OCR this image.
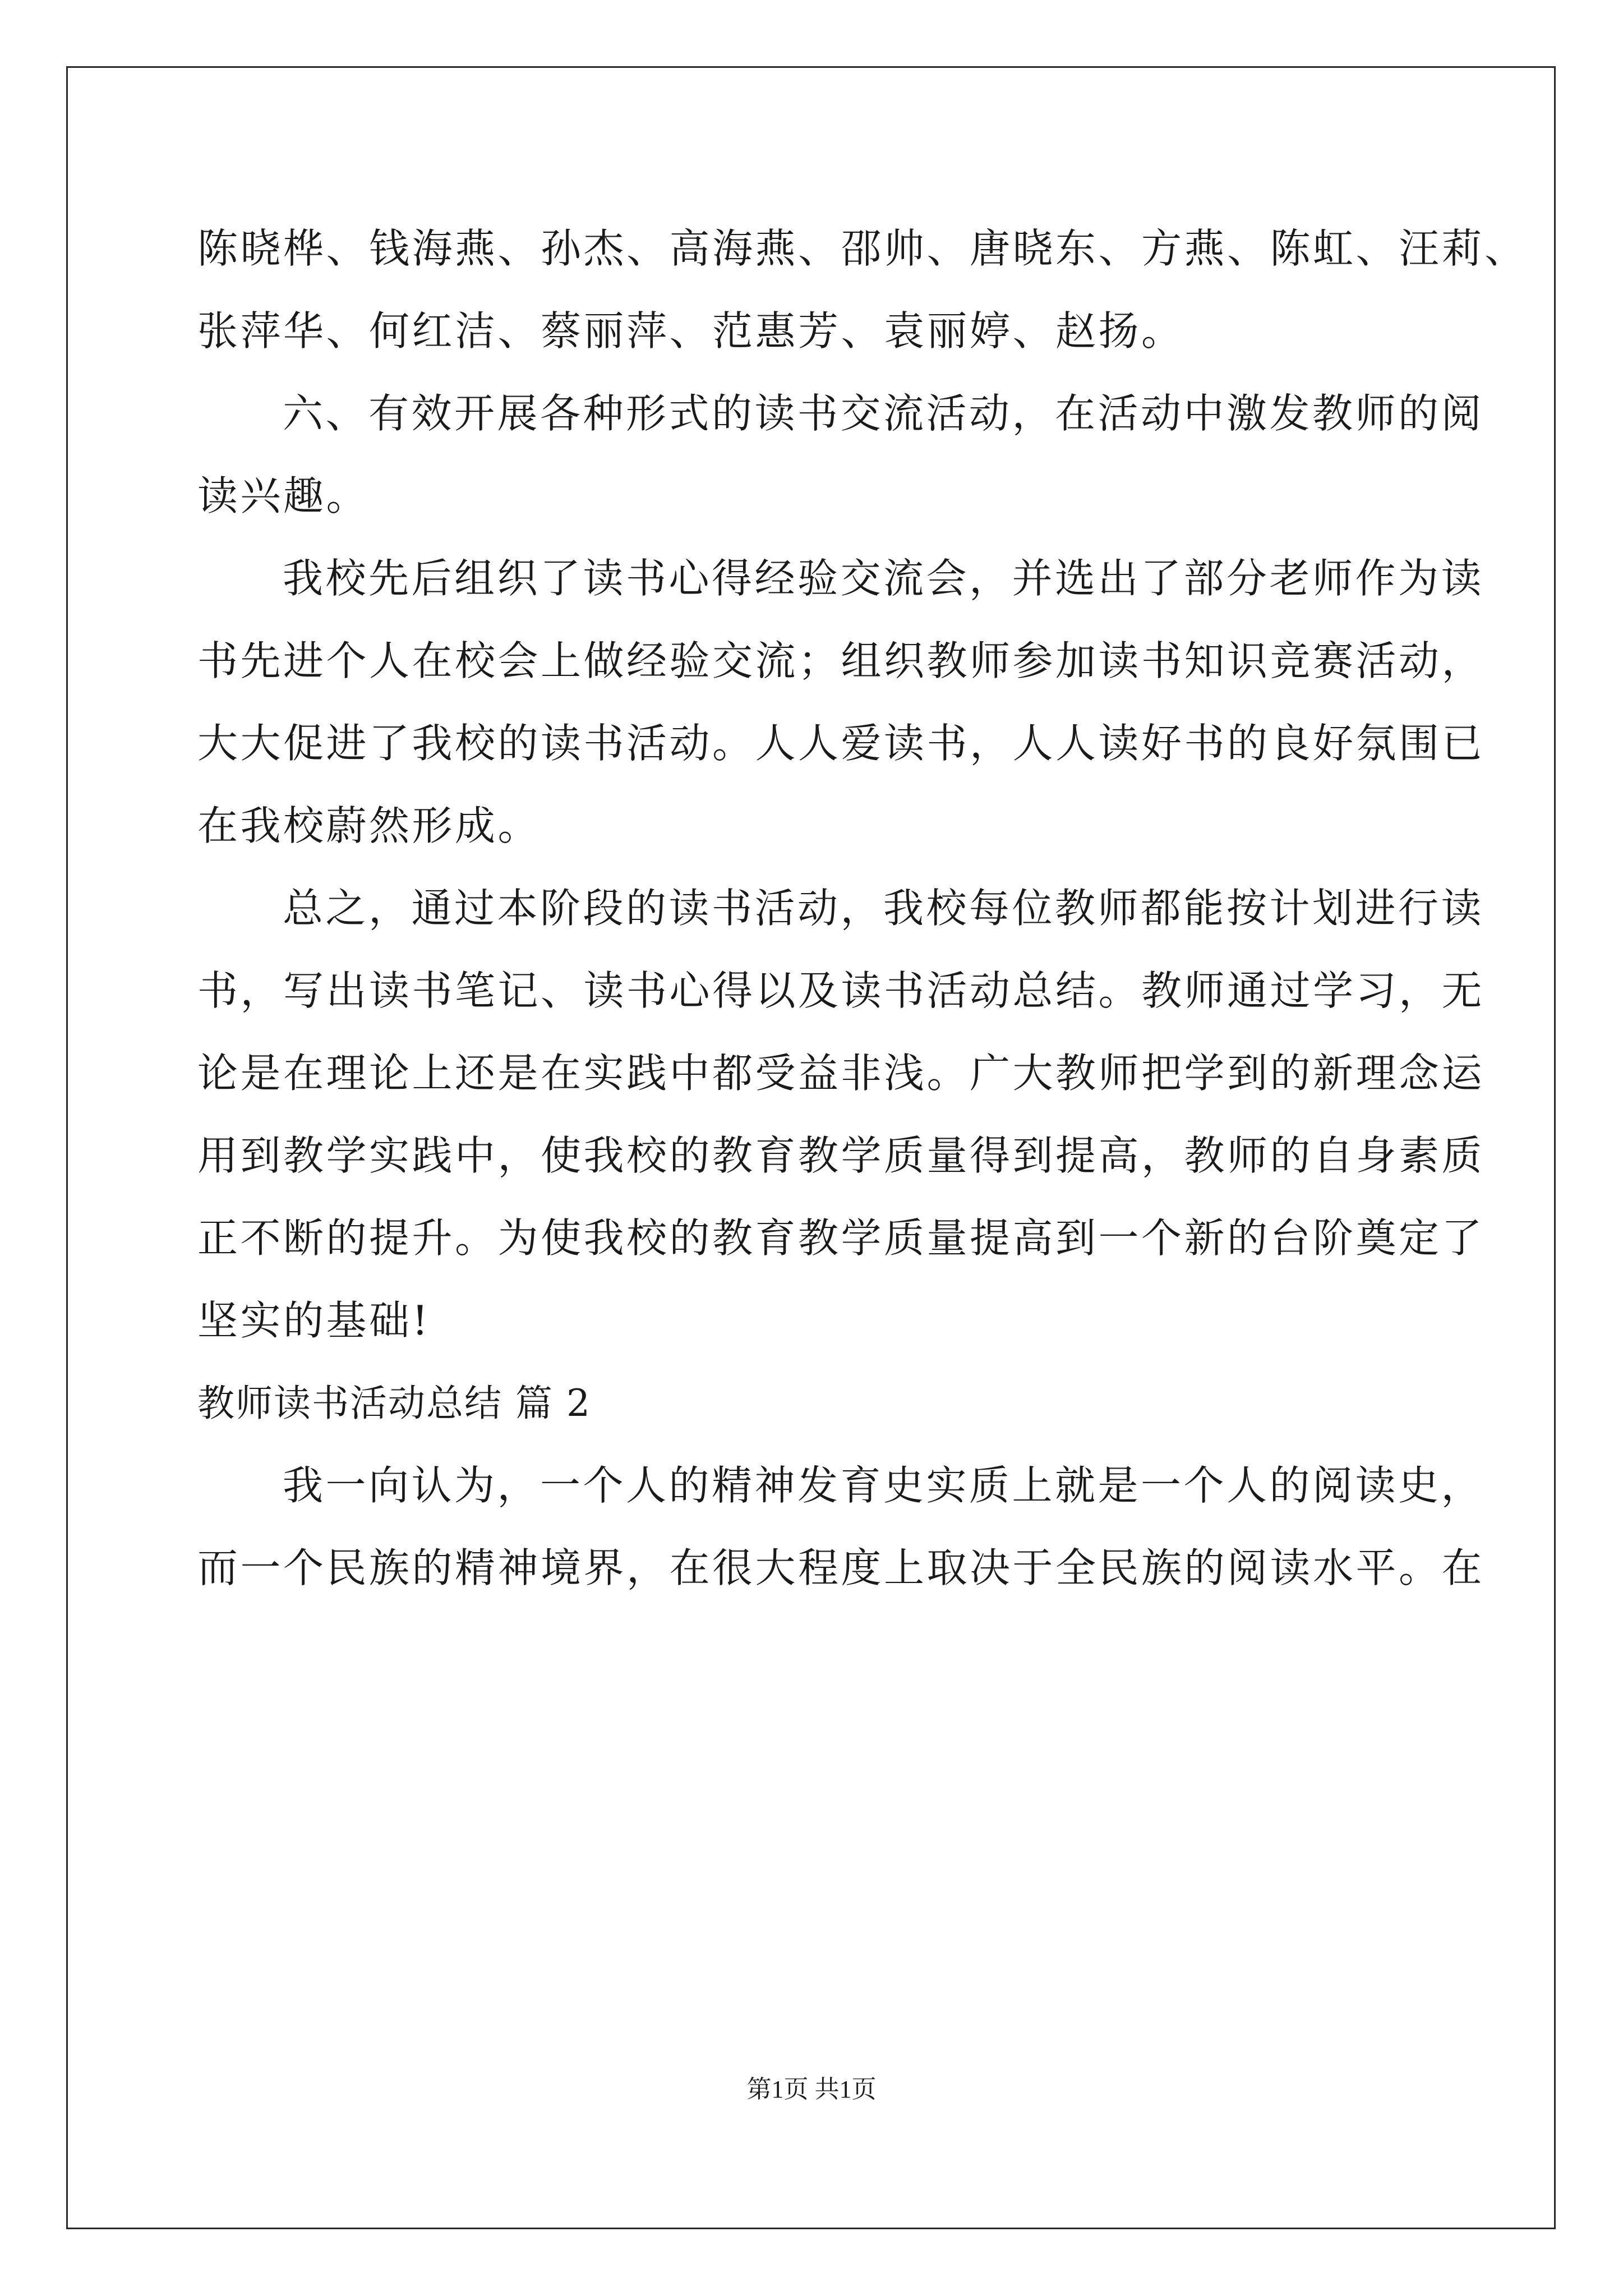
陈晓桦、钱海燕、孙杰、高海燕、邵帅、唐晓东、方燕、陈虹、汪莉、
张萍华、何红洁、蔡丽萍、范惠芳、袁丽婷、赵扬。
六、有效开展各种形式的读书交流活动，在活动中激发教师的阅
读兴趣。
我校先后组织了读书心得经验交流会，并选出了部分老师作为读
书先进个人在校会上做经验交流；组织教师参加读书知识竞赛活动，
大大促进了我校的读书活动。人人爱读书，人人读好书的良好氛围已
在我校蔚然形成。
总之，通过本阶段的读书活动，我校每位教师都能按计划进行读
书，写出读书笔记、读书心得以及读书活动总结。教师通过学习，无
论是在理论上还是在实践中都受益非浅。广大教师把学到的新理念运
用到教学实践中，使我校的教育教学质量得到提高，教师的自身素质
正不断的提升。为使我校的教育教学质量提高到一个新的台阶奠定了
坚实的基础!
教师读书活动总结 篇 2
我一向认为，一个人的精神发育史实质上就是一个人的阅读史，
而一个民族的精神境界，在很大程度上取决于全民族的阅读水平。在
第1页 共1页
